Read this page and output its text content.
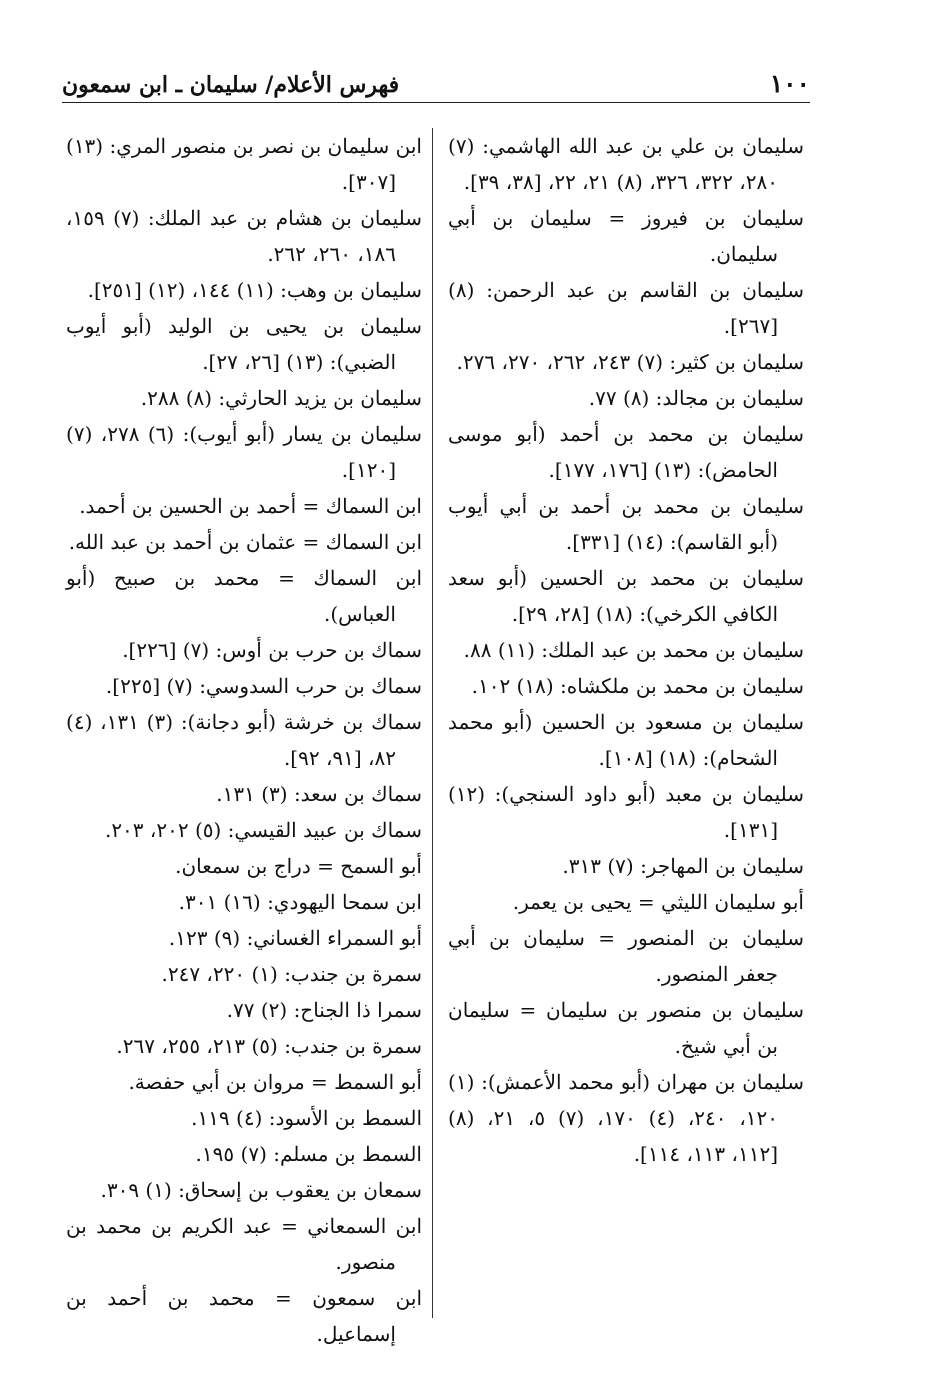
١٠٠
فهرس الأعلام/ سليمان ـ ابن سمعون

سليمان بن علي بن عبد الله الهاشمي: (٧) ٢٨٠، ٣٢٢، ٣٢٦، (٨) ٢١، ٢٢، [٣٨، ٣٩].

سليمان بن فيروز = سليمان بن أبي سليمان.

سليمان بن القاسم بن عبد الرحمن: (٨) [٢٦٧].

سليمان بن كثير: (٧) ٢٤٣، ٢٦٢، ٢٧٠، ٢٧٦.

سليمان بن مجالد: (٨) ٧٧.

سليمان بن محمد بن أحمد (أبو موسى الحامض): (١٣) [١٧٦، ١٧٧].

سليمان بن محمد بن أحمد بن أبي أيوب (أبو القاسم): (١٤) [٣٣١].

سليمان بن محمد بن الحسين (أبو سعد الكافي الكرخي): (١٨) [٢٨، ٢٩].

سليمان بن محمد بن عبد الملك: (١١) ٨٨.

سليمان بن محمد بن ملكشاه: (١٨) ١٠٢.

سليمان بن مسعود بن الحسين (أبو محمد الشحام): (١٨) [١٠٨].

سليمان بن معبد (أبو داود السنجي): (١٢) [١٣١].

سليمان بن المهاجر: (٧) ٣١٣.

أبو سليمان الليثي = يحيى بن يعمر.

سليمان بن المنصور = سليمان بن أبي جعفر المنصور.

سليمان بن منصور بن سليمان = سليمان بن أبي شيخ.

سليمان بن مهران (أبو محمد الأعمش): (١) ١٢٠، ٢٤٠، (٤) ١٧٠، (٧) ٥، ٢١، (٨) [١١٢، ١١٣، ١١٤].

ابن سليمان بن نصر بن منصور المري: (١٣) [٣٠٧].

سليمان بن هشام بن عبد الملك: (٧) ١٥٩، ١٨٦، ٢٦٠، ٢٦٢.

سليمان بن وهب: (١١) ١٤٤، (١٢) [٢٥١].

سليمان بن يحيى بن الوليد (أبو أيوب الضبي): (١٣) [٢٦، ٢٧].

سليمان بن يزيد الحارثي: (٨) ٢٨٨.

سليمان بن يسار (أبو أيوب): (٦) ٢٧٨، (٧) [١٢٠].

ابن السماك = أحمد بن الحسين بن أحمد.

ابن السماك = عثمان بن أحمد بن عبد الله.

ابن السماك = محمد بن صبيح (أبو العباس).

سماك بن حرب بن أوس: (٧) [٢٢٦].

سماك بن حرب السدوسي: (٧) [٢٢٥].

سماك بن خرشة (أبو دجانة): (٣) ١٣١، (٤) ٨٢، [٩١، ٩٢].

سماك بن سعد: (٣) ١٣١.

سماك بن عبيد القيسي: (٥) ٢٠٢، ٢٠٣.

أبو السمح = دراج بن سمعان.

ابن سمحا اليهودي: (١٦) ٣٠١.

أبو السمراء الغساني: (٩) ١٢٣.

سمرة بن جندب: (١) ٢٢٠، ٢٤٧.

سمرا ذا الجناح: (٢) ٧٧.

سمرة بن جندب: (٥) ٢١٣، ٢٥٥، ٢٦٧.

أبو السمط = مروان بن أبي حفصة.

السمط بن الأسود: (٤) ١١٩.

السمط بن مسلم: (٧) ١٩٥.

سمعان بن يعقوب بن إسحاق: (١) ٣٠٩.

ابن السمعاني = عبد الكريم بن محمد بن منصور.

ابن سمعون = محمد بن أحمد بن إسماعيل.
